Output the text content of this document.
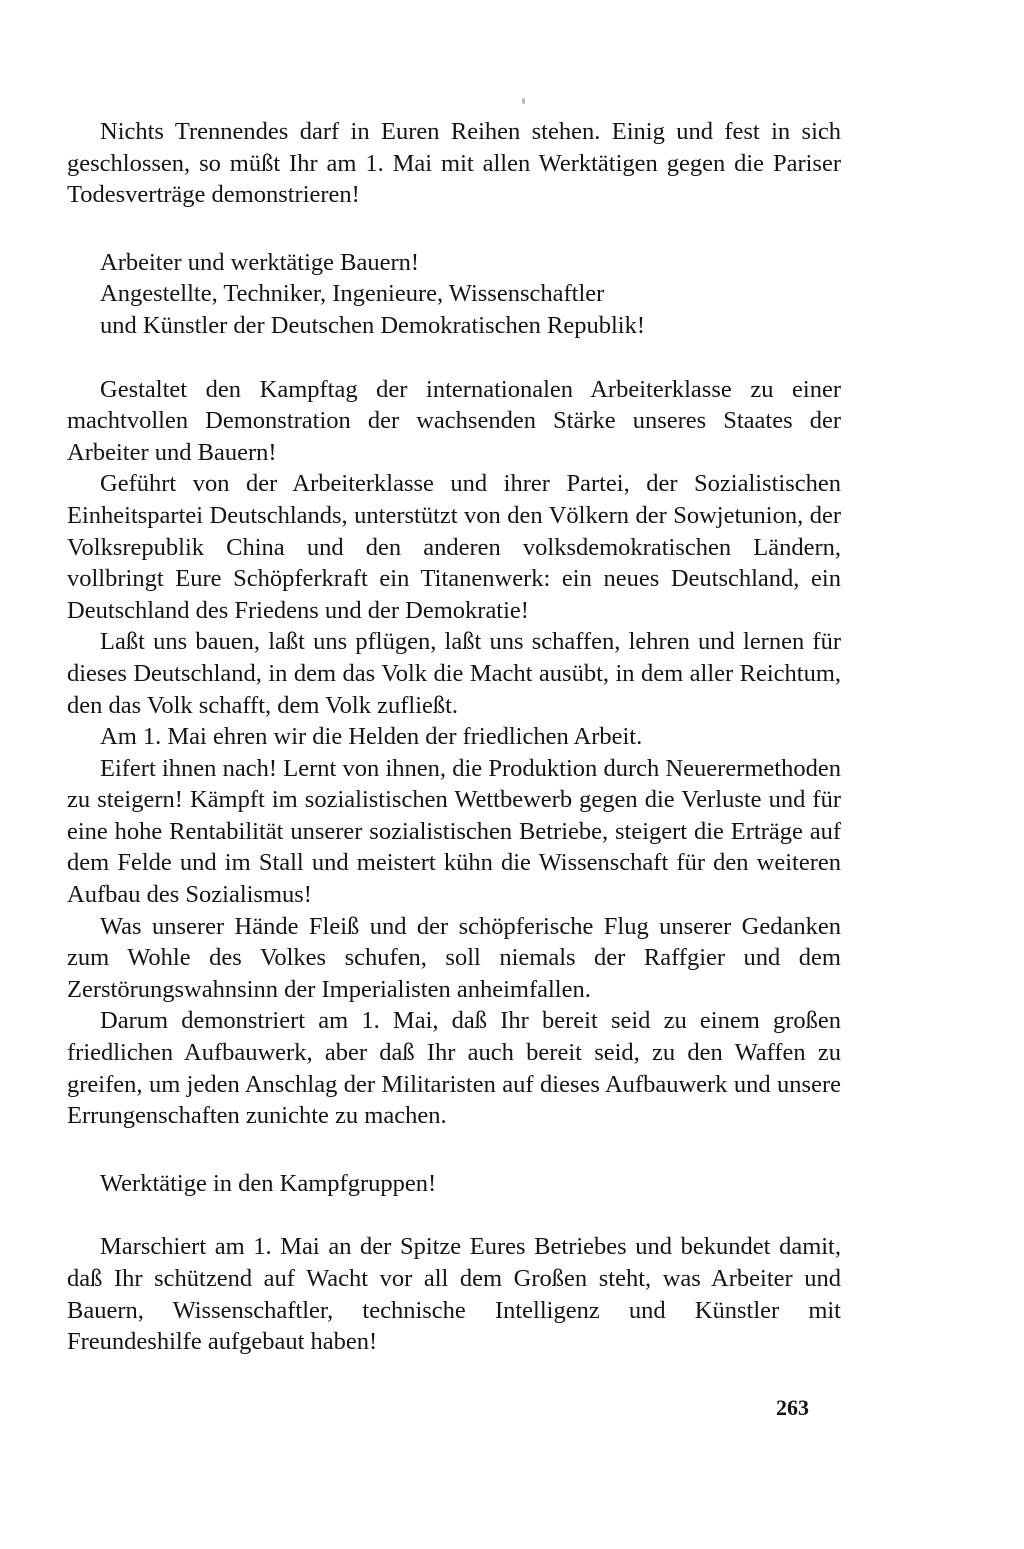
Nichts Trennendes darf in Euren Reihen stehen. Einig und fest in sich geschlossen, so müßt Ihr am 1. Mai mit allen Werktätigen gegen die Pariser Todesverträge demonstrieren!

Arbeiter und werktätige Bauern!
Angestellte, Techniker, Ingenieure, Wissenschaftler
und Künstler der Deutschen Demokratischen Republik!

Gestaltet den Kampftag der internationalen Arbeiterklasse zu einer machtvollen Demonstration der wachsenden Stärke unseres Staates der Arbeiter und Bauern!

Geführt von der Arbeiterklasse und ihrer Partei, der Sozialistischen Einheitspartei Deutschlands, unterstützt von den Völkern der Sowjetunion, der Volksrepublik China und den anderen volksdemokratischen Ländern, vollbringt Eure Schöpferkraft ein Titanenwerk: ein neues Deutschland, ein Deutschland des Friedens und der Demokratie!

Laßt uns bauen, laßt uns pflügen, laßt uns schaffen, lehren und lernen für dieses Deutschland, in dem das Volk die Macht ausübt, in dem aller Reichtum, den das Volk schafft, dem Volk zufließt.

Am 1. Mai ehren wir die Helden der friedlichen Arbeit.

Eifert ihnen nach! Lernt von ihnen, die Produktion durch Neuerermethoden zu steigern! Kämpft im sozialistischen Wettbewerb gegen die Verluste und für eine hohe Rentabilität unserer sozialistischen Betriebe, steigert die Erträge auf dem Felde und im Stall und meistert kühn die Wissenschaft für den weiteren Aufbau des Sozialismus!

Was unserer Hände Fleiß und der schöpferische Flug unserer Gedanken zum Wohle des Volkes schufen, soll niemals der Raffgier und dem Zerstörungswahnsinn der Imperialisten anheimfallen.

Darum demonstriert am 1. Mai, daß Ihr bereit seid zu einem großen friedlichen Aufbauwerk, aber daß Ihr auch bereit seid, zu den Waffen zu greifen, um jeden Anschlag der Militaristen auf dieses Aufbauwerk und unsere Errungenschaften zunichte zu machen.

Werktätige in den Kampfgruppen!

Marschiert am 1. Mai an der Spitze Eures Betriebes und bekundet damit, daß Ihr schützend auf Wacht vor all dem Großen steht, was Arbeiter und Bauern, Wissenschaftler, technische Intelligenz und Künstler mit Freundeshilfe aufgebaut haben!

263
